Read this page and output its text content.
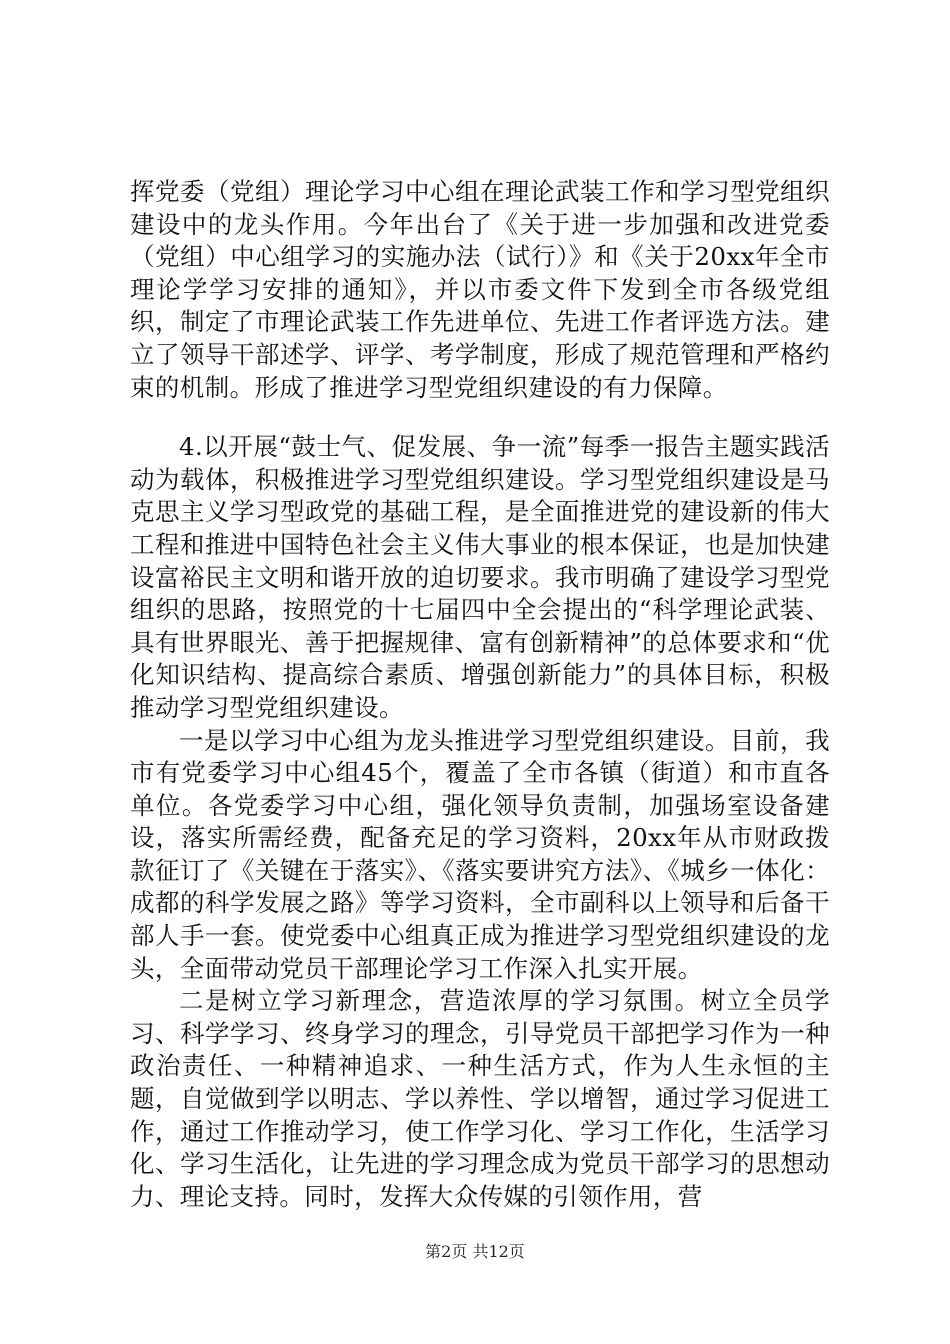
挥党委（党组）理论学习中心组在理论武装工作和学习型党组织建设中的龙头作用。今年出台了《关于进一步加强和改进党委（党组）中心组学习的实施办法（试行）》和《关于20xx年全市理论学学习安排的通知》，并以市委文件下发到全市各级党组织，制定了市理论武装工作先进单位、先进工作者评选方法。建立了领导干部述学、评学、考学制度，形成了规范管理和严格约束的机制。形成了推进学习型党组织建设的有力保障。

4.以开展“鼓士气、促发展、争一流”每季一报告主题实践活动为载体，积极推进学习型党组织建设。学习型党组织建设是马克思主义学习型政党的基础工程，是全面推进党的建设新的伟大工程和推进中国特色社会主义伟大事业的根本保证，也是加快建设富裕民主文明和谐开放的迫切要求。我市明确了建设学习型党组织的思路，按照党的十七届四中全会提出的“科学理论武装、具有世界眼光、善于把握规律、富有创新精神”的总体要求和“优化知识结构、提高综合素质、增强创新能力”的具体目标，积极推动学习型党组织建设。

一是以学习中心组为龙头推进学习型党组织建设。目前，我市有党委学习中心组45个，覆盖了全市各镇（街道）和市直各单位。各党委学习中心组，强化领导负责制，加强场室设备建设，落实所需经费，配备充足的学习资料，20xx年从市财政拨款征订了《关键在于落实》、《落实要讲究方法》、《城乡一体化：成都的科学发展之路》等学习资料，全市副科以上领导和后备干部人手一套。使党委中心组真正成为推进学习型党组织建设的龙头，全面带动党员干部理论学习工作深入扎实开展。

二是树立学习新理念，营造浓厚的学习氛围。树立全员学习、科学学习、终身学习的理念，引导党员干部把学习作为一种政治责任、一种精神追求、一种生活方式，作为人生永恒的主题，自觉做到学以明志、学以养性、学以增智，通过学习促进工作，通过工作推动学习，使工作学习化、学习工作化，生活学习化、学习生活化，让先进的学习理念成为党员干部学习的思想动力、理论支持。同时，发挥大众传媒的引领作用，营

第2页 共12页
